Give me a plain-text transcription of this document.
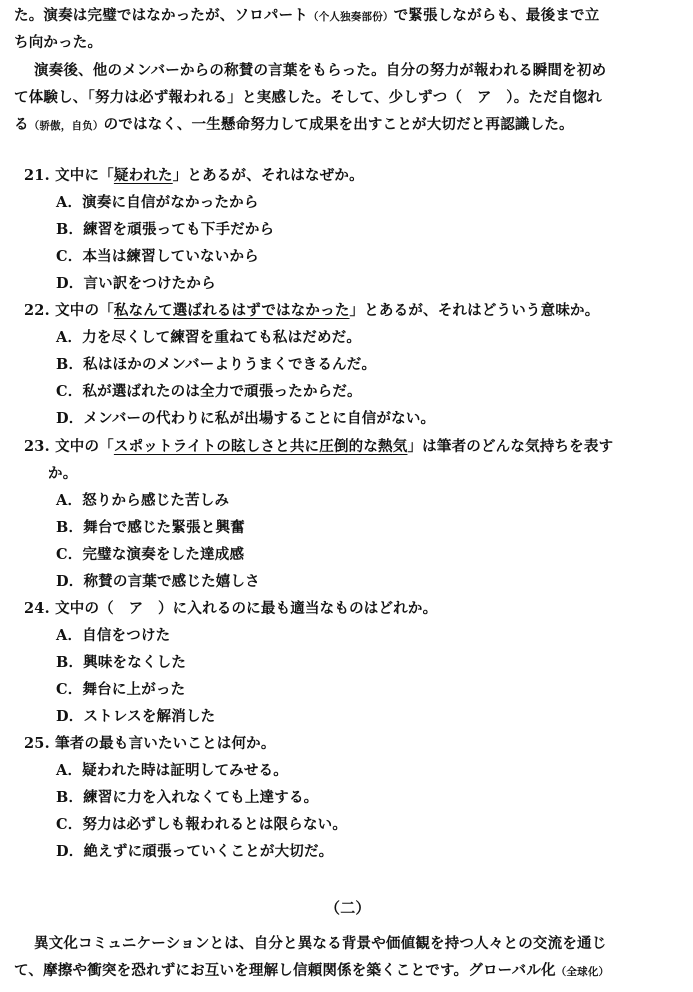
た。演奏は完璧ではなかったが、ソロパート（个人独奏部份）で緊張しながらも、最後まで立
ち向かった。
演奏後、他のメンバーからの称賛の言葉をもらった。自分の努力が報われる瞬間を初め
て体験し、「努力は必ず報われる」と実感した。そして、少しずつ（　ア　）。ただ自惚れ
る（骄傲，自负）のではなく、一生懸命努力して成果を出すことが大切だと再認識した。
21. 文中に「疑われた」とあるが、それはなぜか。
A．演奏に自信がなかったから
B．練習を頑張っても下手だから
C．本当は練習していないから
D．言い訳をつけたから
22. 文中の「私なんて選ばれるはずではなかった」とあるが、それはどういう意味か。
A．力を尽くして練習を重ねても私はだめだ。
B．私はほかのメンバーよりうまくできるんだ。
C．私が選ばれたのは全力で頑張ったからだ。
D．メンバーの代わりに私が出場することに自信がない。
23. 文中の「スポットライトの眩しさと共に圧倒的な熱気」は筆者のどんな気持ちを表す
か。
A．怒りから感じた苦しみ
B．舞台で感じた緊張と興奮
C．完璧な演奏をした達成感
D．称賛の言葉で感じた嬉しさ
24. 文中の（　ア　）に入れるのに最も適当なものはどれか。
A．自信をつけた
B．興味をなくした
C．舞台に上がった
D．ストレスを解消した
25. 筆者の最も言いたいことは何か。
A．疑われた時は証明してみせる。
B．練習に力を入れなくても上達する。
C．努力は必ずしも報われるとは限らない。
D．絶えずに頑張っていくことが大切だ。
（二）
異文化コミュニケーションとは、自分と異なる背景や価値観を持つ人々との交流を通じ
て、摩擦や衝突を恐れずにお互いを理解し信頼関係を築くことです。グローバル化（全球化）
